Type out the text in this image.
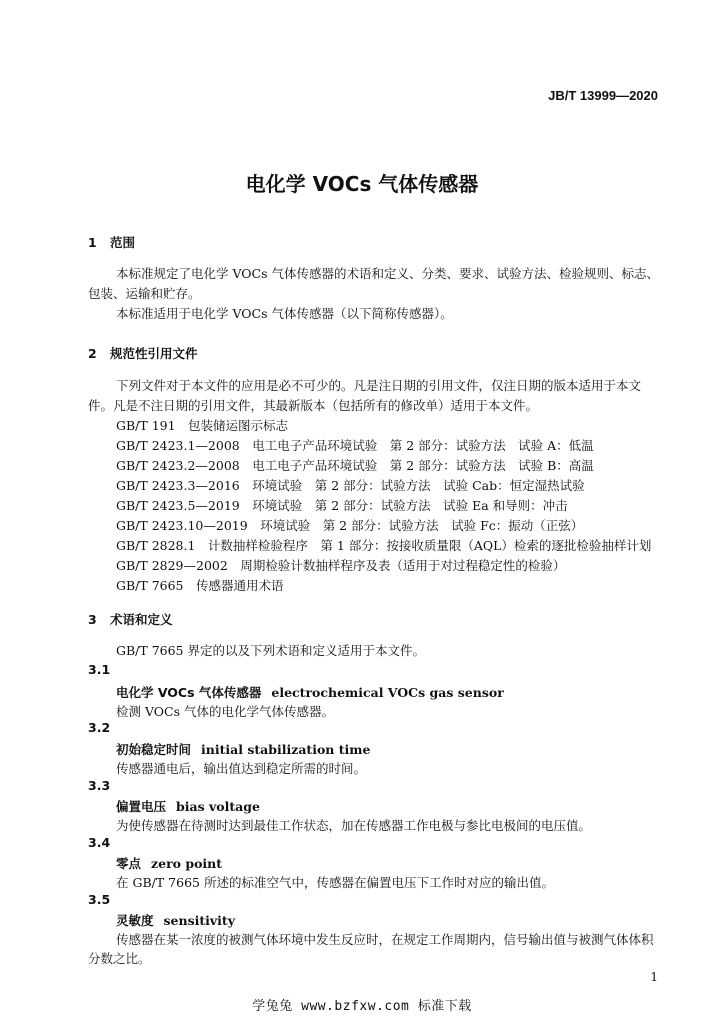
JB/T 13999—2020
电化学 VOCs 气体传感器
1 范围
本标准规定了电化学 VOCs 气体传感器的术语和定义、分类、要求、试验方法、检验规则、标志、
包装、运输和贮存。
本标准适用于电化学 VOCs 气体传感器（以下简称传感器）。
2 规范性引用文件
下列文件对于本文件的应用是必不可少的。凡是注日期的引用文件，仅注日期的版本适用于本文
件。凡是不注日期的引用文件，其最新版本（包括所有的修改单）适用于本文件。
GB/T 191　包装储运图示标志
GB/T 2423.1—2008　电工电子产品环境试验　第 2 部分：试验方法　试验 A：低温
GB/T 2423.2—2008　电工电子产品环境试验　第 2 部分：试验方法　试验 B：高温
GB/T 2423.3—2016　环境试验　第 2 部分：试验方法　试验 Cab：恒定湿热试验
GB/T 2423.5—2019　环境试验　第 2 部分：试验方法　试验 Ea 和导则：冲击
GB/T 2423.10—2019　环境试验　第 2 部分：试验方法　试验 Fc：振动（正弦）
GB/T 2828.1　计数抽样检验程序　第 1 部分：按接收质量限（AQL）检索的逐批检验抽样计划
GB/T 2829—2002　周期检验计数抽样程序及表（适用于对过程稳定性的检验）
GB/T 7665　传感器通用术语
3 术语和定义
GB/T 7665 界定的以及下列术语和定义适用于本文件。
3.1
电化学 VOCs 气体传感器 electrochemical VOCs gas sensor
检测 VOCs 气体的电化学气体传感器。
3.2
初始稳定时间 initial stabilization time
传感器通电后，输出值达到稳定所需的时间。
3.3
偏置电压 bias voltage
为使传感器在待测时达到最佳工作状态，加在传感器工作电极与参比电极间的电压值。
3.4
零点 zero point
在 GB/T 7665 所述的标准空气中，传感器在偏置电压下工作时对应的输出值。
3.5
灵敏度 sensitivity
传感器在某一浓度的被测气体环境中发生反应时，在规定工作周期内，信号输出值与被测气体体积
分数之比。
1
学兔兔 www.bzfxw.com 标准下载
